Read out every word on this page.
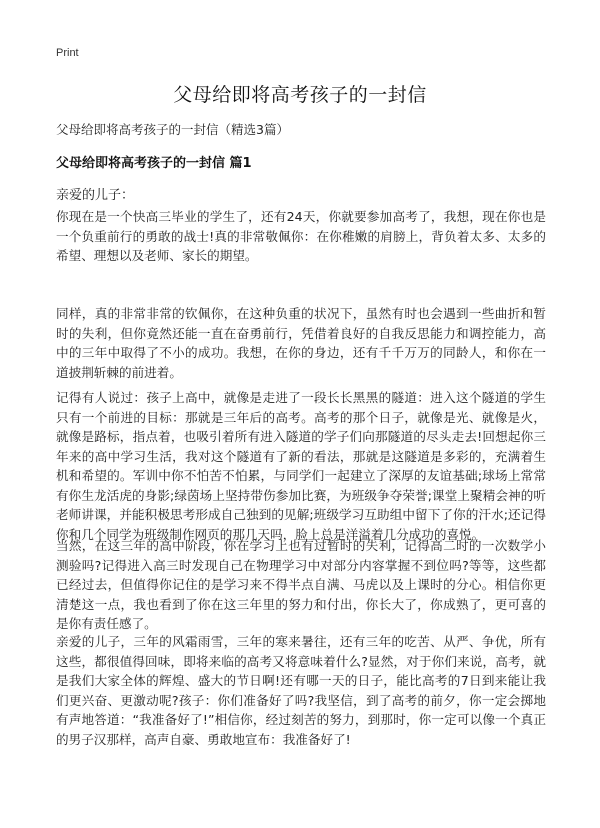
Print
父母给即将高考孩子的一封信
父母给即将高考孩子的一封信（精选3篇）
父母给即将高考孩子的一封信 篇1
亲爱的儿子：

你现在是一个快高三毕业的学生了，还有24天，你就要参加高考了，我想，现在你也是一个负重前行的勇敢的战士!真的非常敬佩你：在你稚嫩的肩膀上，背负着太多、太多的希望、理想以及老师、家长的期望。

同样，真的非常非常的钦佩你，在这种负重的状况下，虽然有时也会遇到一些曲折和暂时的失利，但你竟然还能一直在奋勇前行，凭借着良好的自我反思能力和调控能力，高中的三年中取得了不小的成功。我想，在你的身边，还有千千万万的同龄人，和你在一道披荆斩棘的前进着。

记得有人说过：孩子上高中，就像是走进了一段长长黑黑的隧道：进入这个隧道的学生只有一个前进的目标：那就是三年后的高考。高考的那个日子，就像是光、就像是火，就像是路标，指点着，也吸引着所有进入隧道的学子们向那隧道的尽头走去!回想起你三年来的高中学习生活，我对这个隧道有了新的看法，那就是这隧道是多彩的，充满着生机和希望的。军训中你不怕苦不怕累，与同学们一起建立了深厚的友谊基础;球场上常常有你生龙活虎的身影;绿茵场上坚持带伤参加比赛，为班级争夺荣誉;课堂上聚精会神的听老师讲课，并能积极思考形成自己独到的见解;班级学习互助组中留下了你的汗水;还记得你和几个同学为班级制作网页的那几天吗，脸上总是洋溢着几分成功的喜悦。

当然，在这三年的高中阶段，你在学习上也有过暂时的失利，记得高二时的一次数学小测验吗?记得进入高三时发现自己在物理学习中对部分内容掌握不到位吗?等等，这些都已经过去，但值得你记住的是学习来不得半点自满、马虎以及上课时的分心。相信你更清楚这一点，我也看到了你在这三年里的努力和付出，你长大了，你成熟了，更可喜的是你有责任感了。

亲爱的儿子，三年的风霜雨雪，三年的寒来暑往，还有三年的吃苦、从严、争优，所有这些，都很值得回味，即将来临的高考又将意味着什么?显然，对于你们来说，高考，就是我们大家全体的辉煌、盛大的节日啊!还有哪一天的日子，能比高考的7日到来能让我们更兴奋、更激动呢?孩子：你们准备好了吗?我坚信，到了高考的前夕，你一定会掷地有声地答道：“我准备好了!”相信你，经过刻苦的努力，到那时，你一定可以像一个真正的男子汉那样，高声自豪、勇敢地宣布：我准备好了!
